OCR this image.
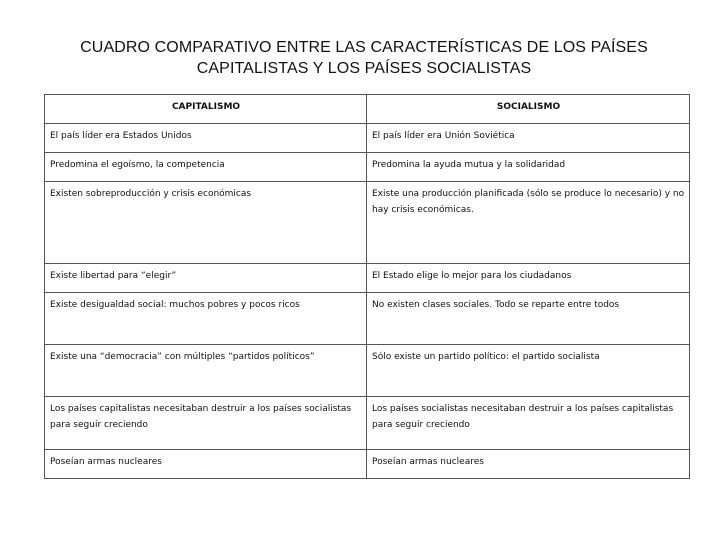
CUADRO COMPARATIVO ENTRE LAS CARACTERÍSTICAS DE LOS PAÍSES
CAPITALISTAS Y LOS PAÍSES SOCIALISTAS
CAPITALISMO	SOCIALISMO
El país líder era Estados Unidos	El país líder era Unión Soviética
Predomina el egoísmo, la competencia	Predomina la ayuda mutua y la solidaridad
Existen sobreproducción y crisis económicas	Existe una producción planificada (sólo se produce lo necesario) y no hay crisis económicas.
Existe libertad para “elegir”	El Estado elige lo mejor para los ciudadanos
Existe desigualdad social: muchos pobres y pocos ricos	No existen clases sociales. Todo se reparte entre todos
Existe una “democracia” con múltiples “partidos políticos”	Sólo existe un partido político: el partido socialista
Los países capitalistas necesitaban destruir a los países socialistas para seguir creciendo	Los países socialistas necesitaban destruir a los países capitalistas para seguir creciendo
Poseían armas nucleares	Poseían armas nucleares
